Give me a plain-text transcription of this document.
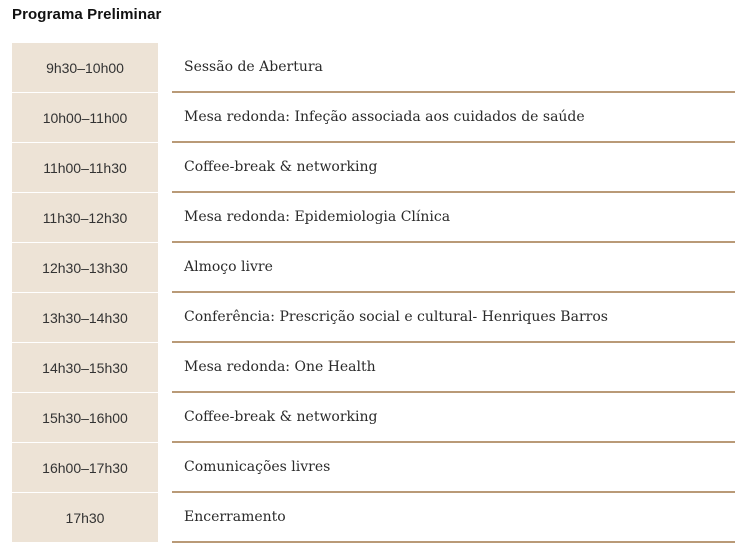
Programa Preliminar
9h30–10h00	Sessão de Abertura
10h00–11h00	Mesa redonda: Infeção associada aos cuidados de saúde
11h00–11h30	Coffee-break & networking
11h30–12h30	Mesa redonda: Epidemiologia Clínica
12h30–13h30	Almoço livre
13h30–14h30	Conferência: Prescrição social e cultural- Henriques Barros
14h30–15h30	Mesa redonda: One Health
15h30–16h00	Coffee-break & networking
16h00–17h30	Comunicações livres
17h30	Encerramento
